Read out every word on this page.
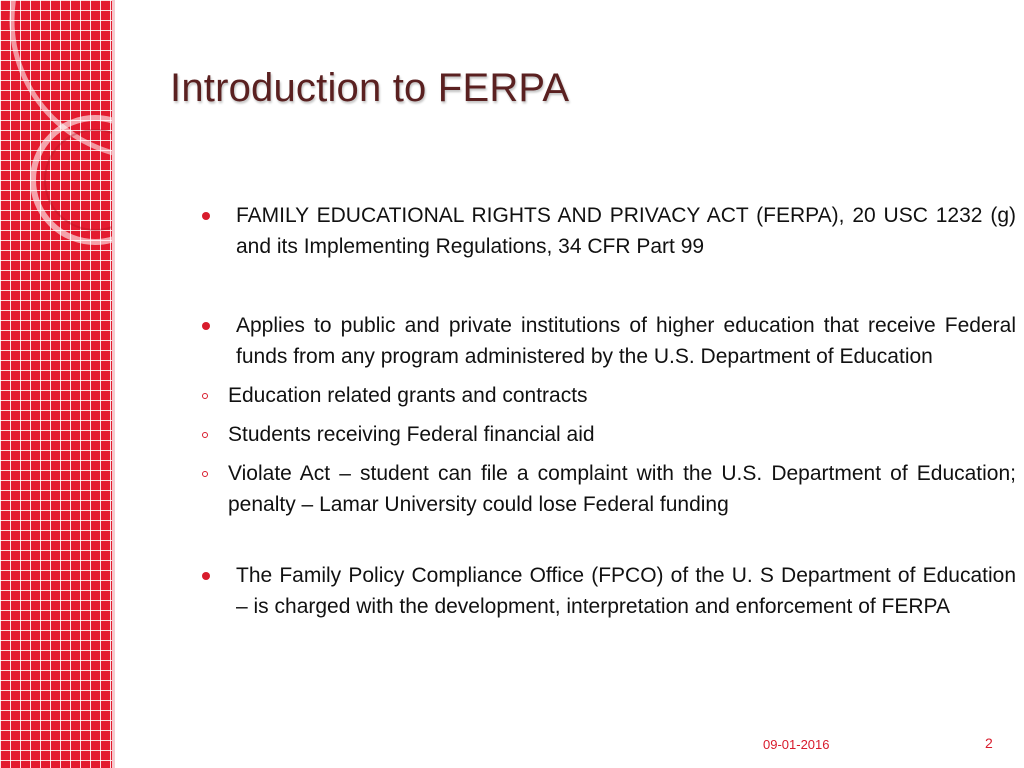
Introduction to FERPA
FAMILY EDUCATIONAL RIGHTS AND PRIVACY ACT (FERPA), 20 USC 1232 (g) and its Implementing Regulations, 34 CFR Part 99
Applies to public and private institutions of higher education that receive Federal funds from any program administered by the U.S. Department of Education
Education related grants and contracts
Students receiving Federal financial aid
Violate Act – student can file a complaint with the U.S. Department of Education; penalty – Lamar University could lose Federal funding
The Family Policy Compliance Office (FPCO) of the U. S Department of Education – is charged with the development, interpretation and enforcement of FERPA
09-01-2016	2
